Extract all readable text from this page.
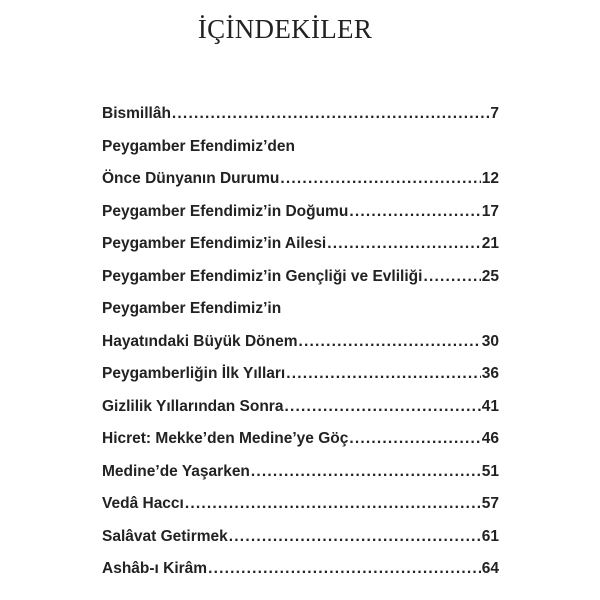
İÇİNDEKİLER
Bismillâh .....	7
Peygamber Efendimiz’den
Önce Dünyanın Durumu .....	12
Peygamber Efendimiz’in Doğumu .....	17
Peygamber Efendimiz’in Ailesi .....	21
Peygamber Efendimiz’in Gençliği ve Evliliği .....	25
Peygamber Efendimiz’in
Hayatındaki Büyük Dönem .....	30
Peygamberliğin İlk Yılları .....	36
Gizlilik Yıllarından Sonra .....	41
Hicret: Mekke’den Medine’ye Göç .....	46
Medine’de Yaşarken .....	51
Vedâ Haccı .....	57
Salâvat Getirmek .....	61
Ashâb-ı Kirâm .....	64
